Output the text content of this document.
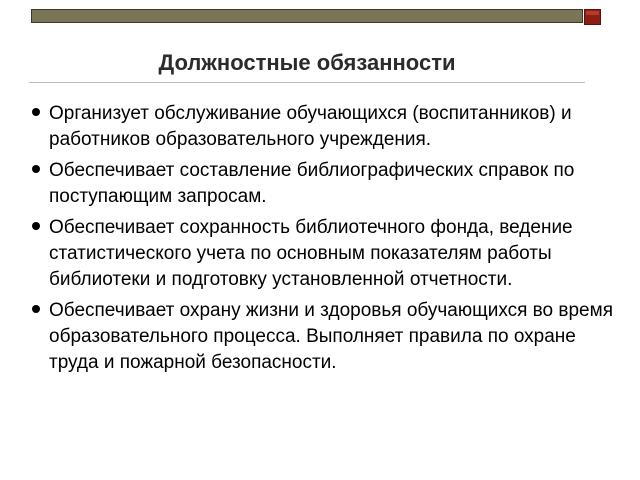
Должностные обязанности
Организует обслуживание обучающихся (воспитанников) и работников образовательного учреждения.
Обеспечивает составление библиографических справок по поступающим запросам.
Обеспечивает сохранность библиотечного фонда, ведение статистического учета по основным показателям работы библиотеки и подготовку установленной отчетности.
Обеспечивает охрану жизни и здоровья обучающихся во время образовательного процесса. Выполняет правила по охране труда и пожарной безопасности.
